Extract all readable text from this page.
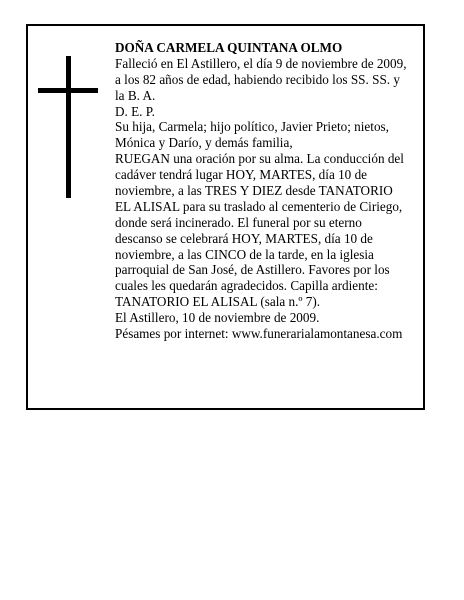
DOÑA CARMELA QUINTANA OLMO
Falleció en El Astillero, el día 9 de noviembre de 2009,
a los 82 años de edad, habiendo recibido los SS. SS. y
la B. A.
D. E. P.
Su hija, Carmela; hijo político, Javier Prieto; nietos,
Mónica y Darío, y demás familia,
RUEGAN una oración por su alma. La conducción del
cadáver tendrá lugar HOY, MARTES, día 10 de
noviembre, a las TRES Y DIEZ desde TANATORIO
EL ALISAL para su traslado al cementerio de Ciriego,
donde será incinerado. El funeral por su eterno
descanso se celebrará HOY, MARTES, día 10 de
noviembre, a las CINCO de la tarde, en la iglesia
parroquial de San José, de Astillero. Favores por los
cuales les quedarán agradecidos. Capilla ardiente:
TANATORIO EL ALISAL (sala n.º 7).
El Astillero, 10 de noviembre de 2009.
Pésames por internet: www.funerarialamontanesa.com
